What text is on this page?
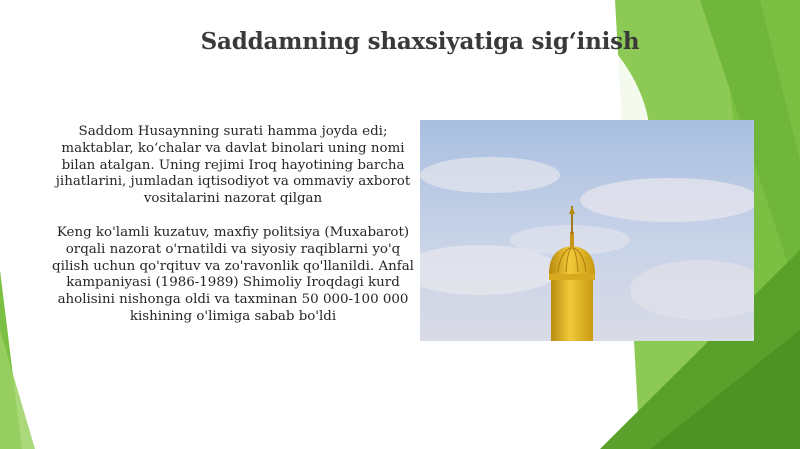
Saddamning shaxsiyatiga sig‘inish

Saddom Husaynning surati hamma joyda edi; maktablar, ko‘chalar va davlat binolari uning nomi bilan atalgan. Uning rejimi Iroq hayotining barcha jihatlarini, jumladan iqtisodiyot va ommaviy axborot vositalarini nazorat qilgan

Keng ko'lamli kuzatuv, maxfiy politsiya (Muxabarot) orqali nazorat o'rnatildi va siyosiy raqiblarni yo'q qilish uchun qo'rqituv va zo'ravonlik qo'llanildi. Anfal kampaniyasi (1986-1989) Shimoliy Iroqdagi kurd aholisini nishonga oldi va taxminan 50 000-100 000 kishining o'limiga sabab bo'ldi
